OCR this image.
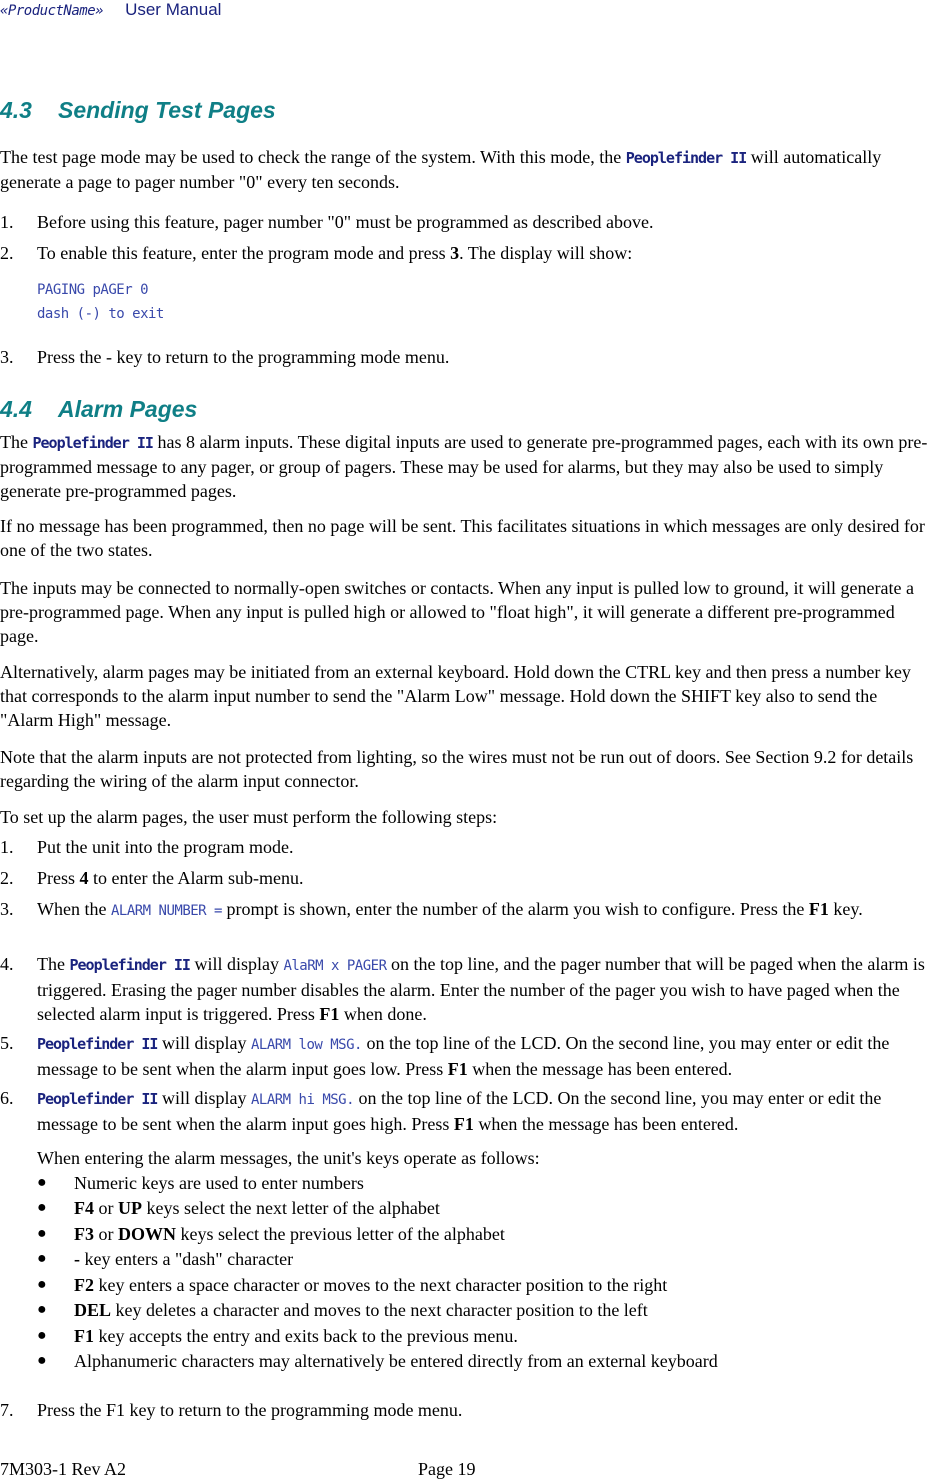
«ProductName» User Manual
4.3 Sending Test Pages

The test page mode may be used to check the range of the system. With this mode, the Peoplefinder II will automatically generate a page to pager number "0" every ten seconds.

1. Before using this feature, pager number "0" must be programmed as described above.
2. To enable this feature, enter the program mode and press 3. The display will show:
PAGING pAGEr 0
dash (-) to exit
3. Press the - key to return to the programming mode menu.
4.4 Alarm Pages

The Peoplefinder II has 8 alarm inputs. These digital inputs are used to generate pre-programmed pages, each with its own pre-programmed message to any pager, or group of pagers. These may be used for alarms, but they may also be used to simply generate pre-programmed pages.

If no message has been programmed, then no page will be sent. This facilitates situations in which messages are only desired for one of the two states.

The inputs may be connected to normally-open switches or contacts. When any input is pulled low to ground, it will generate a pre-programmed page. When any input is pulled high or allowed to "float high", it will generate a different pre-programmed page.

Alternatively, alarm pages may be initiated from an external keyboard. Hold down the CTRL key and then press a number key that corresponds to the alarm input number to send the "Alarm Low" message. Hold down the SHIFT key also to send the "Alarm High" message.

Note that the alarm inputs are not protected from lighting, so the wires must not be run out of doors. See Section 9.2 for details regarding the wiring of the alarm input connector.

To set up the alarm pages, the user must perform the following steps:

1. Put the unit into the program mode.
2. Press 4 to enter the Alarm sub-menu.
3. When the ALARM NUMBER = prompt is shown, enter the number of the alarm you wish to configure. Press the F1 key.
4. The Peoplefinder II will display AlaRM x PAGER on the top line, and the pager number that will be paged when the alarm is triggered. Erasing the pager number disables the alarm. Enter the number of the pager you wish to have paged when the selected alarm input is triggered. Press F1 when done.
5. Peoplefinder II will display ALARM low MSG. on the top line of the LCD. On the second line, you may enter or edit the message to be sent when the alarm input goes low. Press F1 when the message has been entered.
6. Peoplefinder II will display ALARM hi MSG. on the top line of the LCD. On the second line, you may enter or edit the message to be sent when the alarm input goes high. Press F1 when the message has been entered.
When entering the alarm messages, the unit's keys operate as follows:
● Numeric keys are used to enter numbers
● F4 or UP keys select the next letter of the alphabet
● F3 or DOWN keys select the previous letter of the alphabet
● - key enters a "dash" character
● F2 key enters a space character or moves to the next character position to the right
● DEL key deletes a character and moves to the next character position to the left
● F1 key accepts the entry and exits back to the previous menu.
● Alphanumeric characters may alternatively be entered directly from an external keyboard
7. Press the F1 key to return to the programming mode menu.
7M303-1 Rev A2	Page 19
